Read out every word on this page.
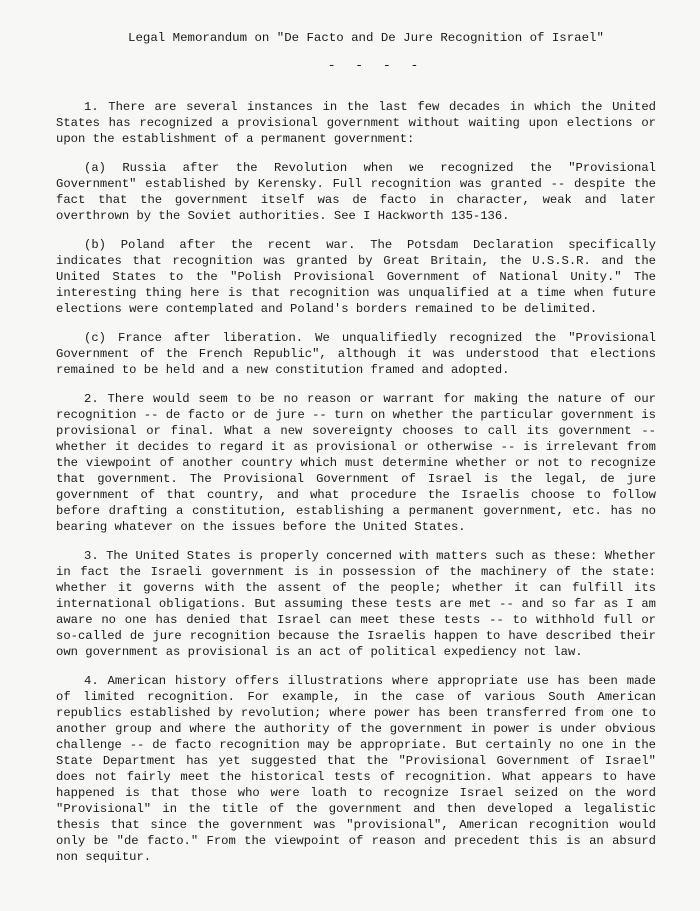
Legal Memorandum on "De Facto and De Jure Recognition of Israel"
- - - -
1. There are several instances in the last few decades in which the United States has recognized a provisional government without waiting upon elections or upon the establishment of a permanent government:
(a) Russia after the Revolution when we recognized the "Provisional Government" established by Kerensky. Full recognition was granted -- despite the fact that the government itself was de facto in character, weak and later overthrown by the Soviet authorities. See I Hackworth 135-136.
(b) Poland after the recent war. The Potsdam Declaration specifically indicates that recognition was granted by Great Britain, the U.S.S.R. and the United States to the "Polish Provisional Government of National Unity." The interesting thing here is that recognition was unqualified at a time when future elections were contemplated and Poland's borders remained to be delimited.
(c) France after liberation. We unqualifiedly recognized the "Provisional Government of the French Republic", although it was understood that elections remained to be held and a new constitution framed and adopted.
2. There would seem to be no reason or warrant for making the nature of our recognition -- de facto or de jure -- turn on whether the particular government is provisional or final. What a new sovereignty chooses to call its government -- whether it decides to regard it as provisional or otherwise -- is irrelevant from the viewpoint of another country which must determine whether or not to recognize that government. The Provisional Government of Israel is the legal, de jure government of that country, and what procedure the Israelis choose to follow before drafting a constitution, establishing a permanent government, etc. has no bearing whatever on the issues before the United States.
3. The United States is properly concerned with matters such as these: Whether in fact the Israeli government is in possession of the machinery of the state: whether it governs with the assent of the people; whether it can fulfill its international obligations. But assuming these tests are met -- and so far as I am aware no one has denied that Israel can meet these tests -- to withhold full or so-called de jure recognition because the Israelis happen to have described their own government as provisional is an act of political expediency not law.
4. American history offers illustrations where appropriate use has been made of limited recognition. For example, in the case of various South American republics established by revolution; where power has been transferred from one to another group and where the authority of the government in power is under obvious challenge -- de facto recognition may be appropriate. But certainly no one in the State Department has yet suggested that the "Provisional Government of Israel" does not fairly meet the historical tests of recognition. What appears to have happened is that those who were loath to recognize Israel seized on the word "Provisional" in the title of the government and then developed a legalistic thesis that since the government was "provisional", American recognition would only be "de facto." From the viewpoint of reason and precedent this is an absurd non sequitur.
